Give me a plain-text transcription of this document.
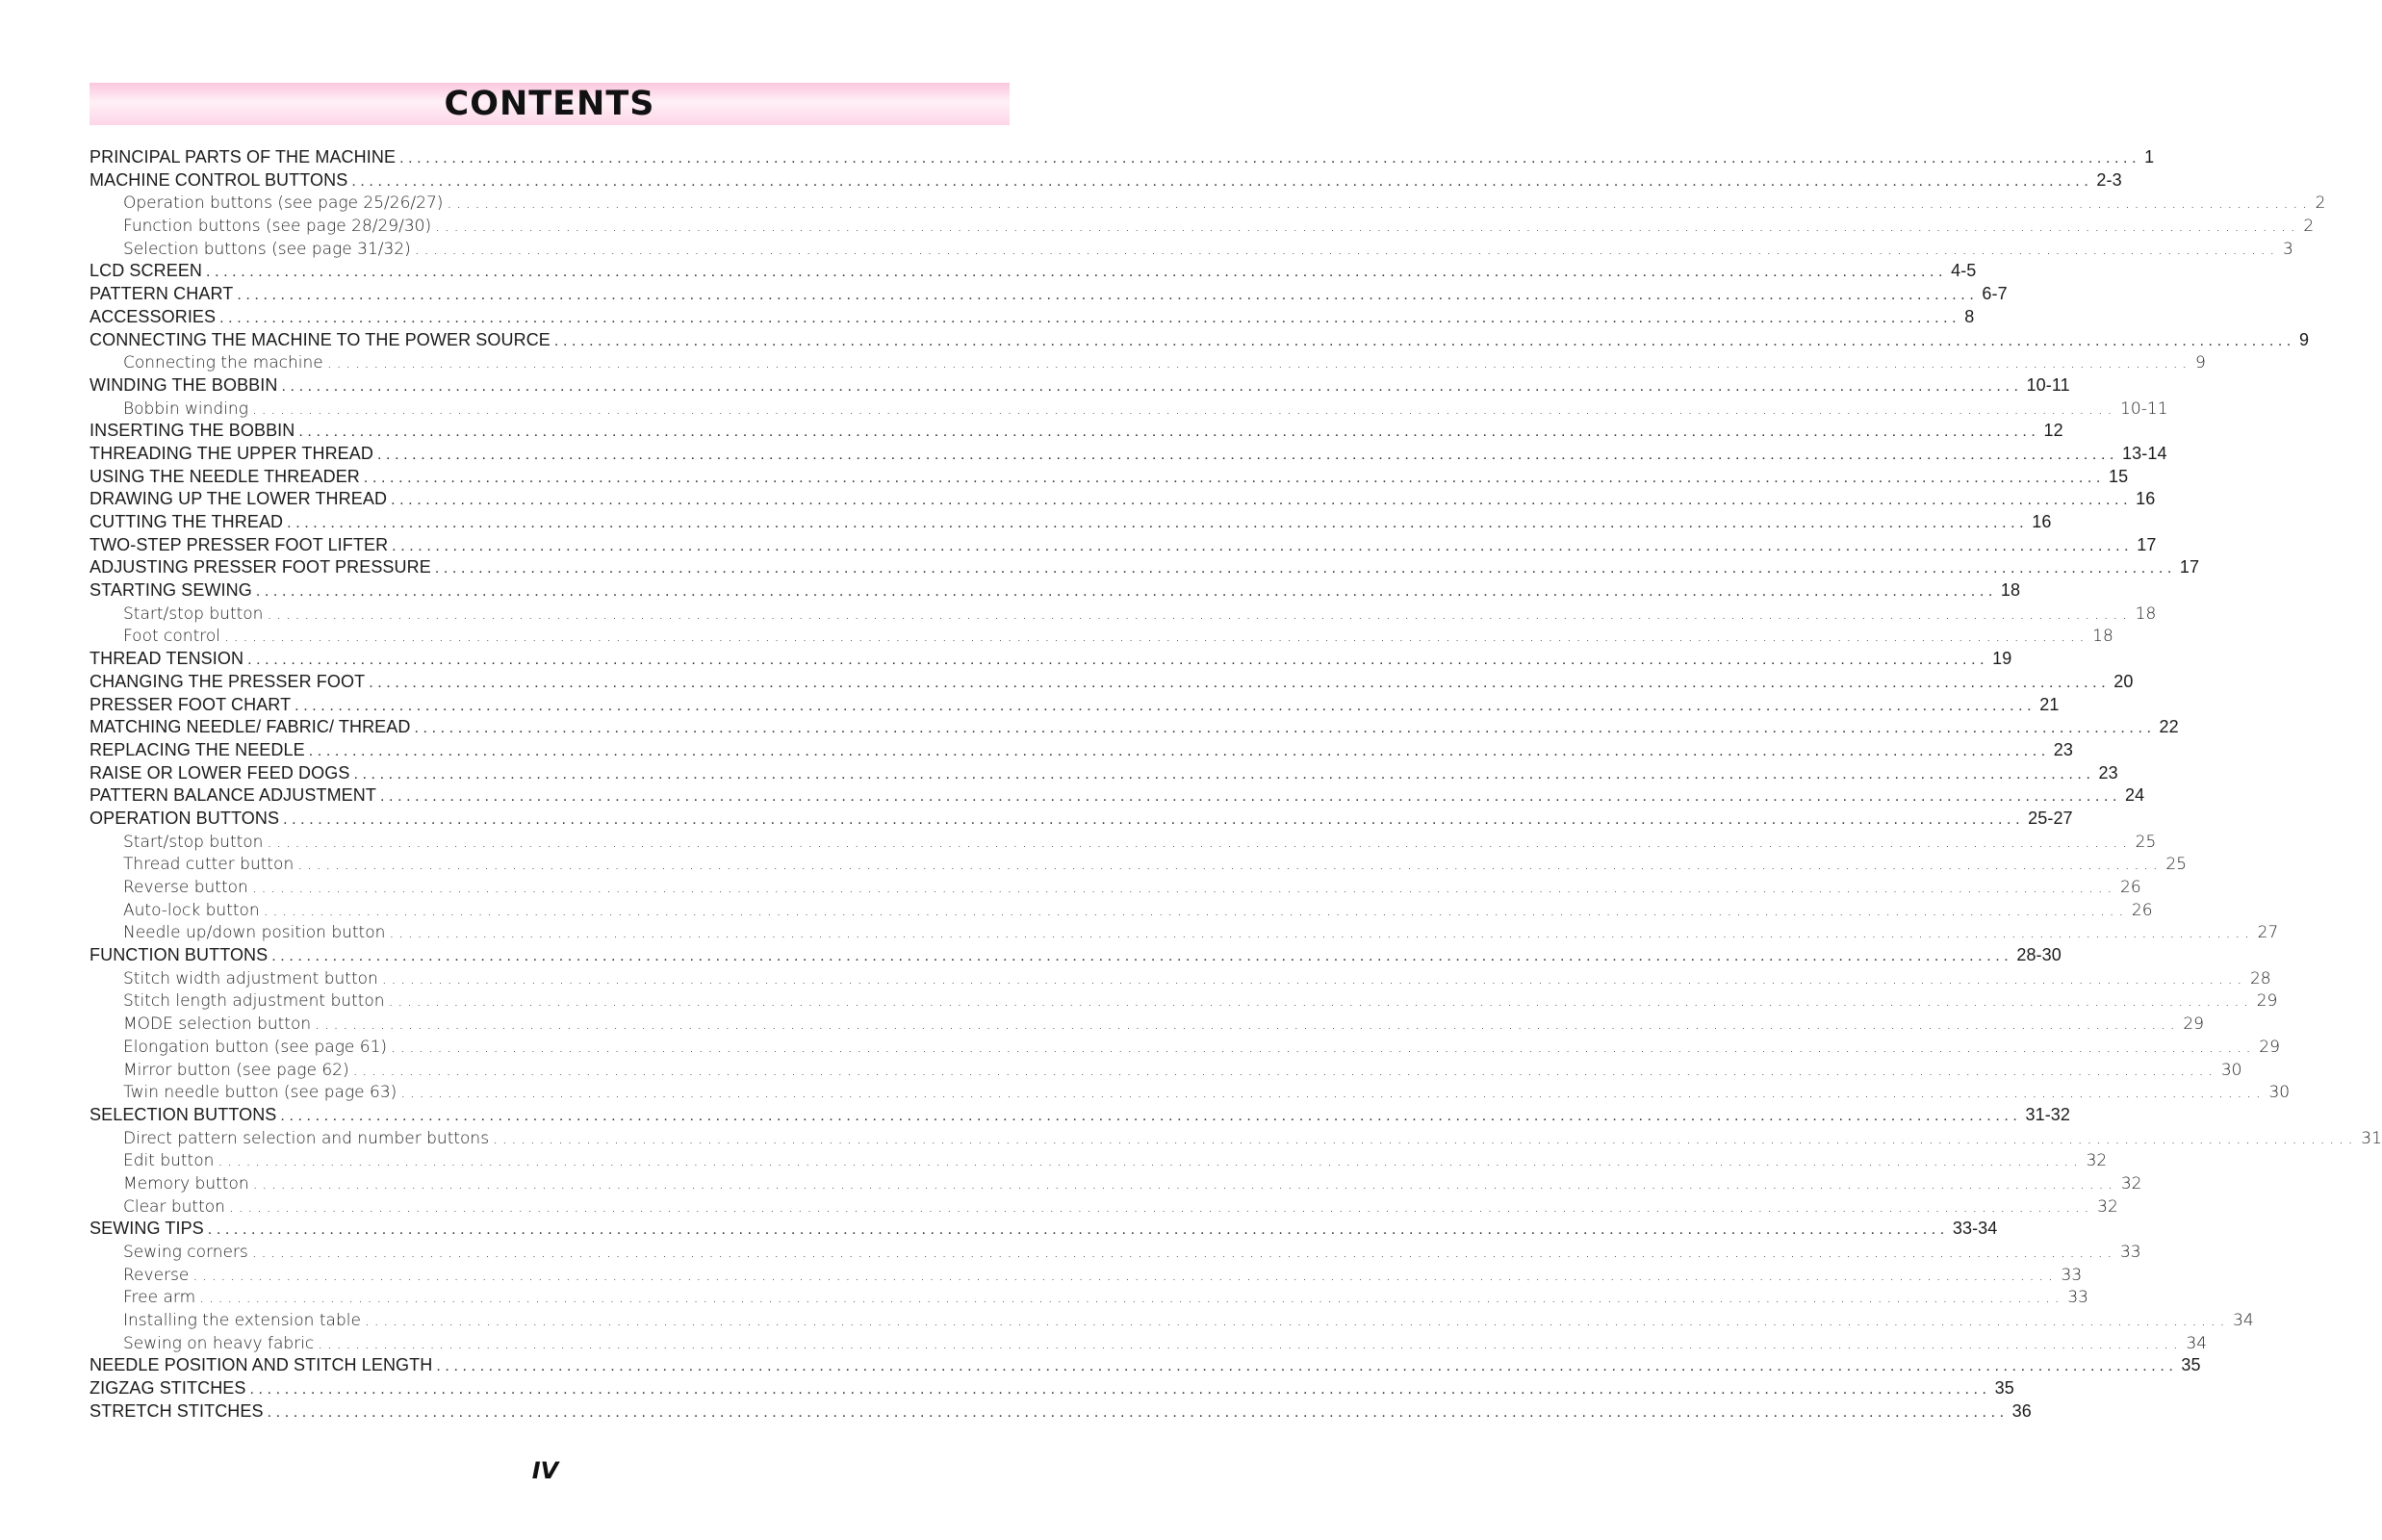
CONTENTS
PRINCIPAL PARTS OF THE MACHINE ........................................................................................................................................................................................................ 1
MACHINE CONTROL BUTTONS ........................................................................................................................................................................................................ 2-3
Operation buttons (see page 25/26/27) ........................................................................................................................................................................................................ 2
Function buttons (see page 28/29/30) ........................................................................................................................................................................................................ 2
Selection buttons (see page 31/32) ........................................................................................................................................................................................................ 3
LCD SCREEN ........................................................................................................................................................................................................ 4-5
PATTERN CHART ........................................................................................................................................................................................................ 6-7
ACCESSORIES ........................................................................................................................................................................................................ 8
CONNECTING THE MACHINE TO THE POWER SOURCE ........................................................................................................................................................................................................ 9
Connecting the machine ........................................................................................................................................................................................................ 9
WINDING THE BOBBIN ........................................................................................................................................................................................................ 10-11
Bobbin winding ........................................................................................................................................................................................................ 10-11
INSERTING THE BOBBIN ........................................................................................................................................................................................................ 12
THREADING THE UPPER THREAD ........................................................................................................................................................................................................ 13-14
USING THE NEEDLE THREADER ........................................................................................................................................................................................................ 15
DRAWING UP THE LOWER THREAD ........................................................................................................................................................................................................ 16
CUTTING THE THREAD ........................................................................................................................................................................................................ 16
TWO-STEP PRESSER FOOT LIFTER ........................................................................................................................................................................................................ 17
ADJUSTING PRESSER FOOT PRESSURE ........................................................................................................................................................................................................ 17
STARTING SEWING ........................................................................................................................................................................................................ 18
Start/stop button ........................................................................................................................................................................................................ 18
Foot control ........................................................................................................................................................................................................ 18
THREAD TENSION ........................................................................................................................................................................................................ 19
CHANGING THE PRESSER FOOT ........................................................................................................................................................................................................ 20
PRESSER FOOT CHART ........................................................................................................................................................................................................ 21
MATCHING NEEDLE/ FABRIC/ THREAD ........................................................................................................................................................................................................ 22
REPLACING THE NEEDLE ........................................................................................................................................................................................................ 23
RAISE OR LOWER FEED DOGS ........................................................................................................................................................................................................ 23
PATTERN BALANCE ADJUSTMENT ........................................................................................................................................................................................................ 24
OPERATION BUTTONS ........................................................................................................................................................................................................ 25-27
Start/stop button ........................................................................................................................................................................................................ 25
Thread cutter button ........................................................................................................................................................................................................ 25
Reverse button ........................................................................................................................................................................................................ 26
Auto-lock button ........................................................................................................................................................................................................ 26
Needle up/down position button ........................................................................................................................................................................................................ 27
FUNCTION BUTTONS ........................................................................................................................................................................................................ 28-30
Stitch width adjustment button ........................................................................................................................................................................................................ 28
Stitch length adjustment button ........................................................................................................................................................................................................ 29
MODE selection button ........................................................................................................................................................................................................ 29
Elongation button (see page 61) ........................................................................................................................................................................................................ 29
Mirror button (see page 62) ........................................................................................................................................................................................................ 30
Twin needle button (see page 63) ........................................................................................................................................................................................................ 30
SELECTION BUTTONS ........................................................................................................................................................................................................ 31-32
Direct pattern selection and number buttons ........................................................................................................................................................................................................ 31
Edit button ........................................................................................................................................................................................................ 32
Memory button ........................................................................................................................................................................................................ 32
Clear button ........................................................................................................................................................................................................ 32
SEWING TIPS ........................................................................................................................................................................................................ 33-34
Sewing corners ........................................................................................................................................................................................................ 33
Reverse ........................................................................................................................................................................................................ 33
Free arm ........................................................................................................................................................................................................ 33
Installing the extension table ........................................................................................................................................................................................................ 34
Sewing on heavy fabric ........................................................................................................................................................................................................ 34
NEEDLE POSITION AND STITCH LENGTH ........................................................................................................................................................................................................ 35
ZIGZAG STITCHES ........................................................................................................................................................................................................ 35
STRETCH STITCHES ........................................................................................................................................................................................................ 36
IV
